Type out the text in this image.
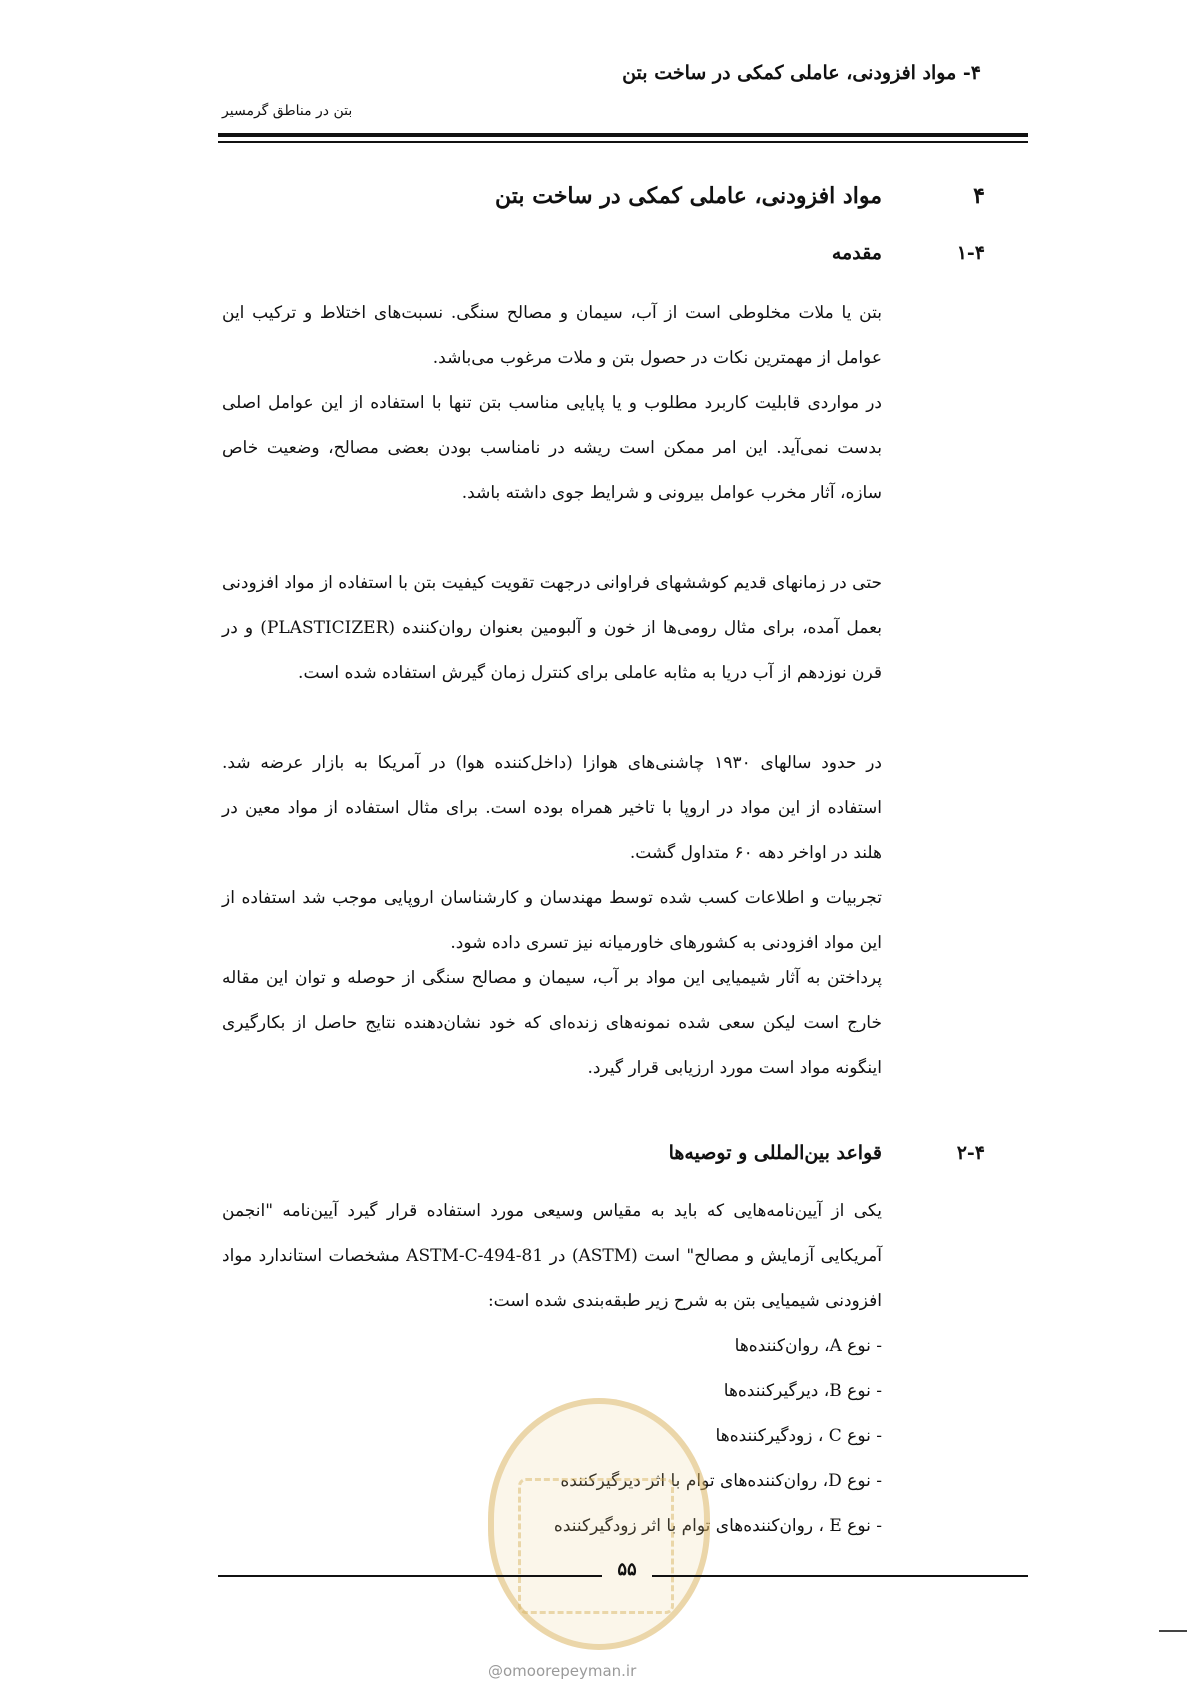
۴- مواد افزودنی، عاملی کمکی در ساخت بتن
بتن در مناطق گرمسیر
۴
مواد افزودنی، عاملی کمکی در ساخت بتن
۱-۴
مقدمه
بتن یا ملات مخلوطی است از آب، سیمان و مصالح سنگی. نسبت‌های اختلاط و ترکیب این عوامل از مهمترین نکات در حصول بتن و ملات مرغوب می‌باشد.
در مواردی قابلیت کاربرد مطلوب و یا پایایی مناسب بتن تنها با استفاده از این عوامل اصلی بدست نمی‌آید. این امر ممکن است ریشه در نامناسب بودن بعضی مصالح، وضعیت خاص سازه، آثار مخرب عوامل بیرونی و شرایط جوی داشته باشد.
حتی در زمانهای قدیم کوششهای فراوانی درجهت تقویت کیفیت بتن با استفاده از مواد افزودنی بعمل آمده، برای مثال رومی‌ها از خون و آلبومین بعنوان روان‌کننده (PLASTICIZER) و در قرن نوزدهم از آب دریا به مثابه عاملی برای کنترل زمان گیرش استفاده شده است.
در حدود سالهای ۱۹۳۰ چاشنی‌های هوازا (داخل‌کننده هوا) در آمریکا به بازار عرضه شد. استفاده از این مواد در اروپا با تاخیر همراه بوده است. برای مثال استفاده از مواد معین در هلند در اواخر دهه ۶۰ متداول گشت.
تجربیات و اطلاعات کسب شده توسط مهندسان و کارشناسان اروپایی موجب شد استفاده از این مواد افزودنی به کشورهای خاورمیانه نیز تسری داده شود.
پرداختن به آثار شیمیایی این مواد بر آب، سیمان و مصالح سنگی از حوصله و توان این مقاله خارج است لیکن سعی شده نمونه‌های زنده‌ای که خود نشان‌دهنده نتایج حاصل از بکارگیری اینگونه مواد است مورد ارزیابی قرار گیرد.
۲-۴
قواعد بین‌المللی و توصیه‌ها
یکی از آیین‌نامه‌هایی که باید به مقیاس وسیعی مورد استفاده قرار گیرد آیین‌نامه "انجمن آمریکایی آزمایش و مصالح" است (ASTM) در ASTM-C-494-81 مشخصات استاندارد مواد افزودنی شیمیایی بتن به شرح زیر طبقه‌بندی شده است:
- نوع A، روان‌کننده‌ها
- نوع B، دیرگیرکننده‌ها
- نوع C ، زودگیرکننده‌ها
- نوع D، روان‌کننده‌های توام با اثر دیرگیرکننده
- نوع E ، روان‌کننده‌های توام با اثر زودگیرکننده
۵۵
@omoorepeyman.ir
